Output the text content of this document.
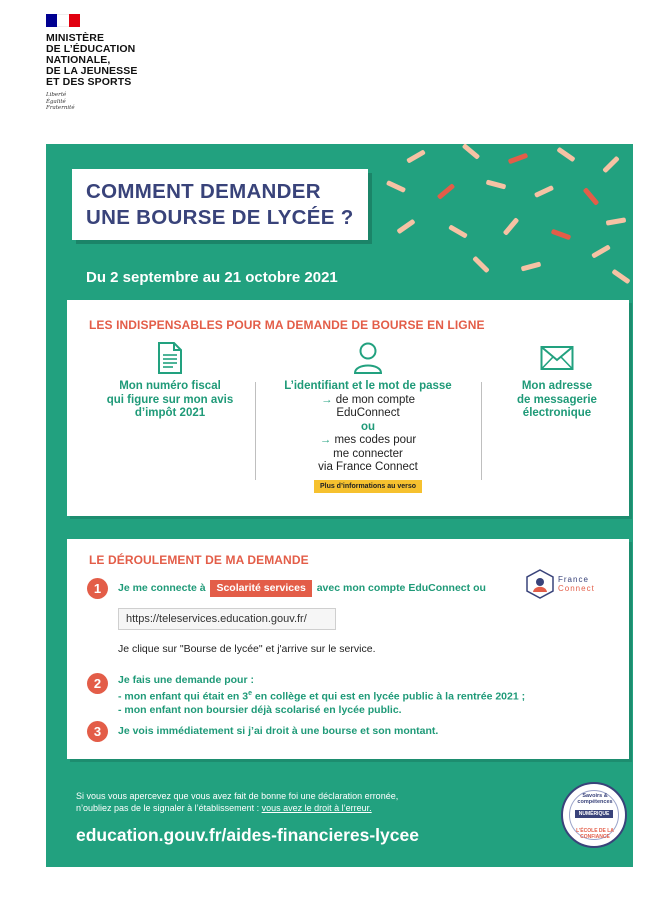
MINISTÈRE
DE L’ÉDUCATION
NATIONALE,
DE LA JEUNESSE
ET DES SPORTS
Liberté
Égalité
Fraternité
COMMENT DEMANDER
UNE BOURSE DE LYCÉE ?
Du 2 septembre au 21 octobre 2021
LES INDISPENSABLES POUR MA DEMANDE DE BOURSE EN LIGNE
Mon numéro fiscal
qui figure sur mon avis
d’impôt 2021
L’identifiant et le mot de passe
→ de mon compte
EduConnect
ou
→ mes codes pour
me connecter
via France Connect
Plus d’informations au verso
Mon adresse
de messagerie
électronique
LE DÉROULEMENT DE MA DEMANDE
1	Je me connecte à Scolarité services avec mon compte EduConnect ou
France
Connect
https://teleservices.education.gouv.fr/
Je clique sur "Bourse de lycée" et j'arrive sur le service.
2	Je fais une demande pour :
- mon enfant qui était en 3e en collège et qui est en lycée public à la rentrée 2021 ;
- mon enfant non boursier déjà scolarisé en lycée public.
3	Je vois immédiatement si j’ai droit à une bourse et son montant.
Si vous vous apercevez que vous avez fait de bonne foi une déclaration erronée,
n’oubliez pas de le signaler à l’établissement : vous avez le droit à l’erreur.
education.gouv.fr/aides-financieres-lycee
Savoirs & compétences
NUMÉRIQUE
L'ÉCOLE DE LA CONFIANCE
